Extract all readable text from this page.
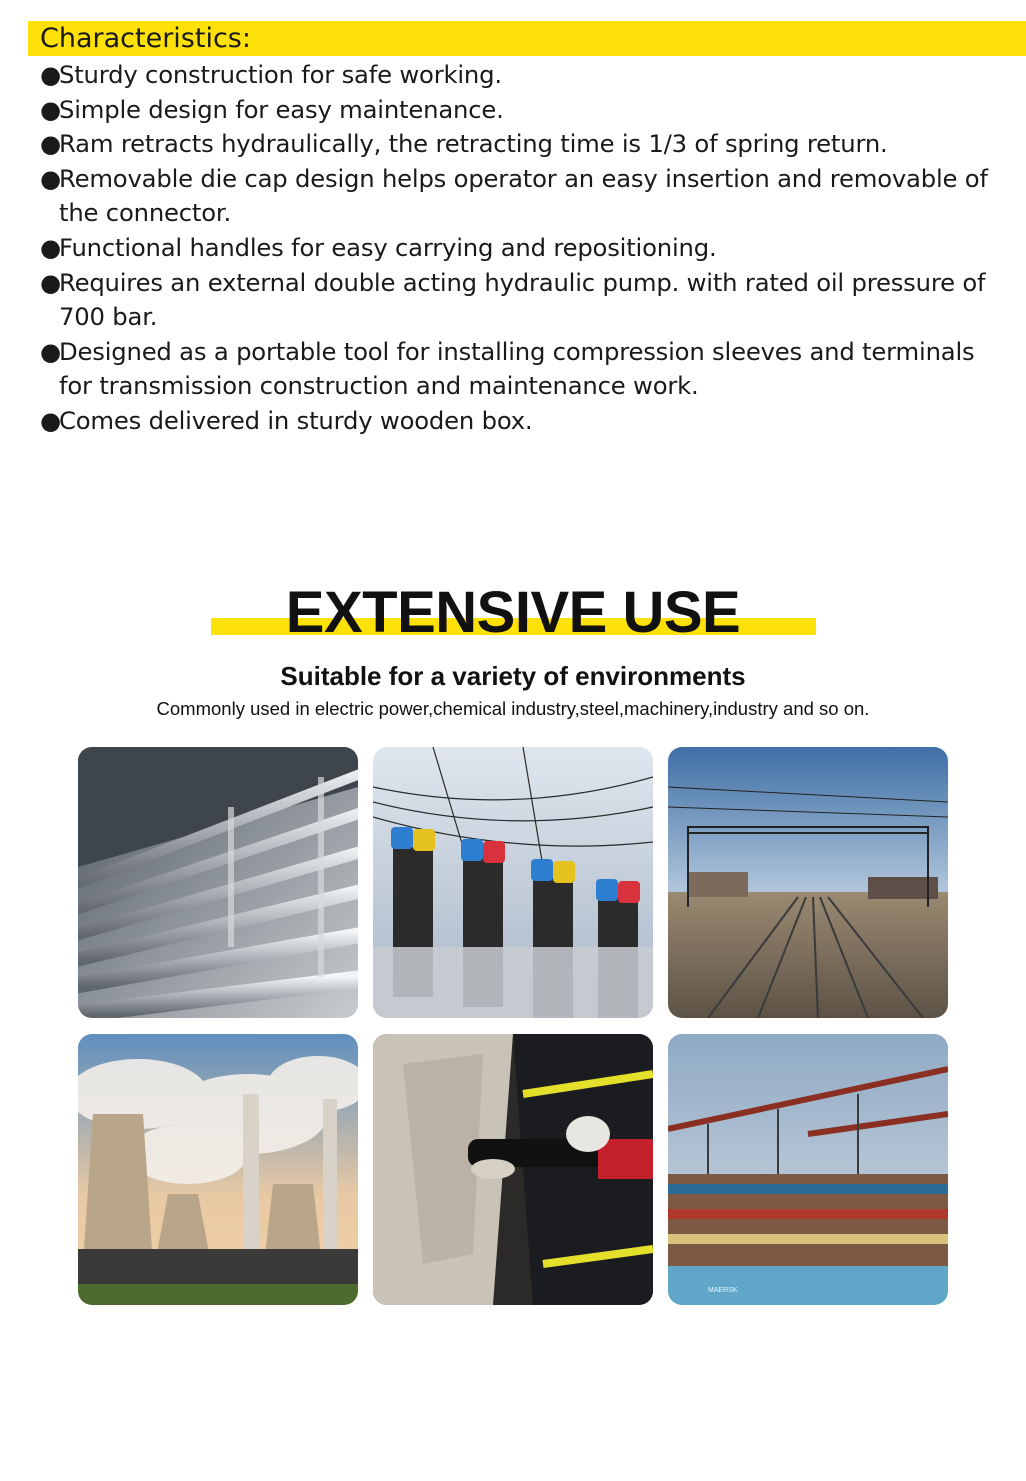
Characteristics:
●
Sturdy construction for safe working.
●
Simple design for easy maintenance.
●
Ram retracts hydraulically, the retracting time is 1/3 of spring return.
●
Removable die cap design helps operator an easy insertion and removable of the connector.
●
Functional handles for easy carrying and repositioning.
●
Requires an external double acting hydraulic pump. with rated oil pressure of 700 bar.
●
Designed as a portable tool for installing compression sleeves and terminals for transmission construction and maintenance work.
●
Comes delivered in sturdy wooden box.
EXTENSIVE USE
Suitable for a variety of environments
Commonly used in electric power,chemical industry,steel,machinery,industry and so on.
MAERSK
